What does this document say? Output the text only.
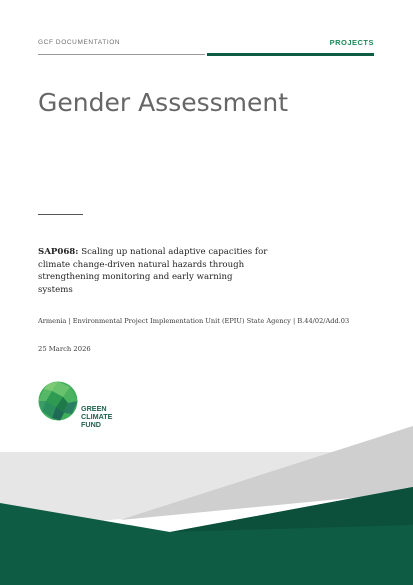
GCF DOCUMENTATION	PROJECTS
Gender Assessment
SAP068: Scaling up national adaptive capacities for climate change-driven natural hazards through strengthening monitoring and early warning systems
Armenia | Environmental Project Implementation Unit (EPIU) State Agency | B.44/02/Add.03
25 March 2026
GREEN
CLIMATE
FUND
